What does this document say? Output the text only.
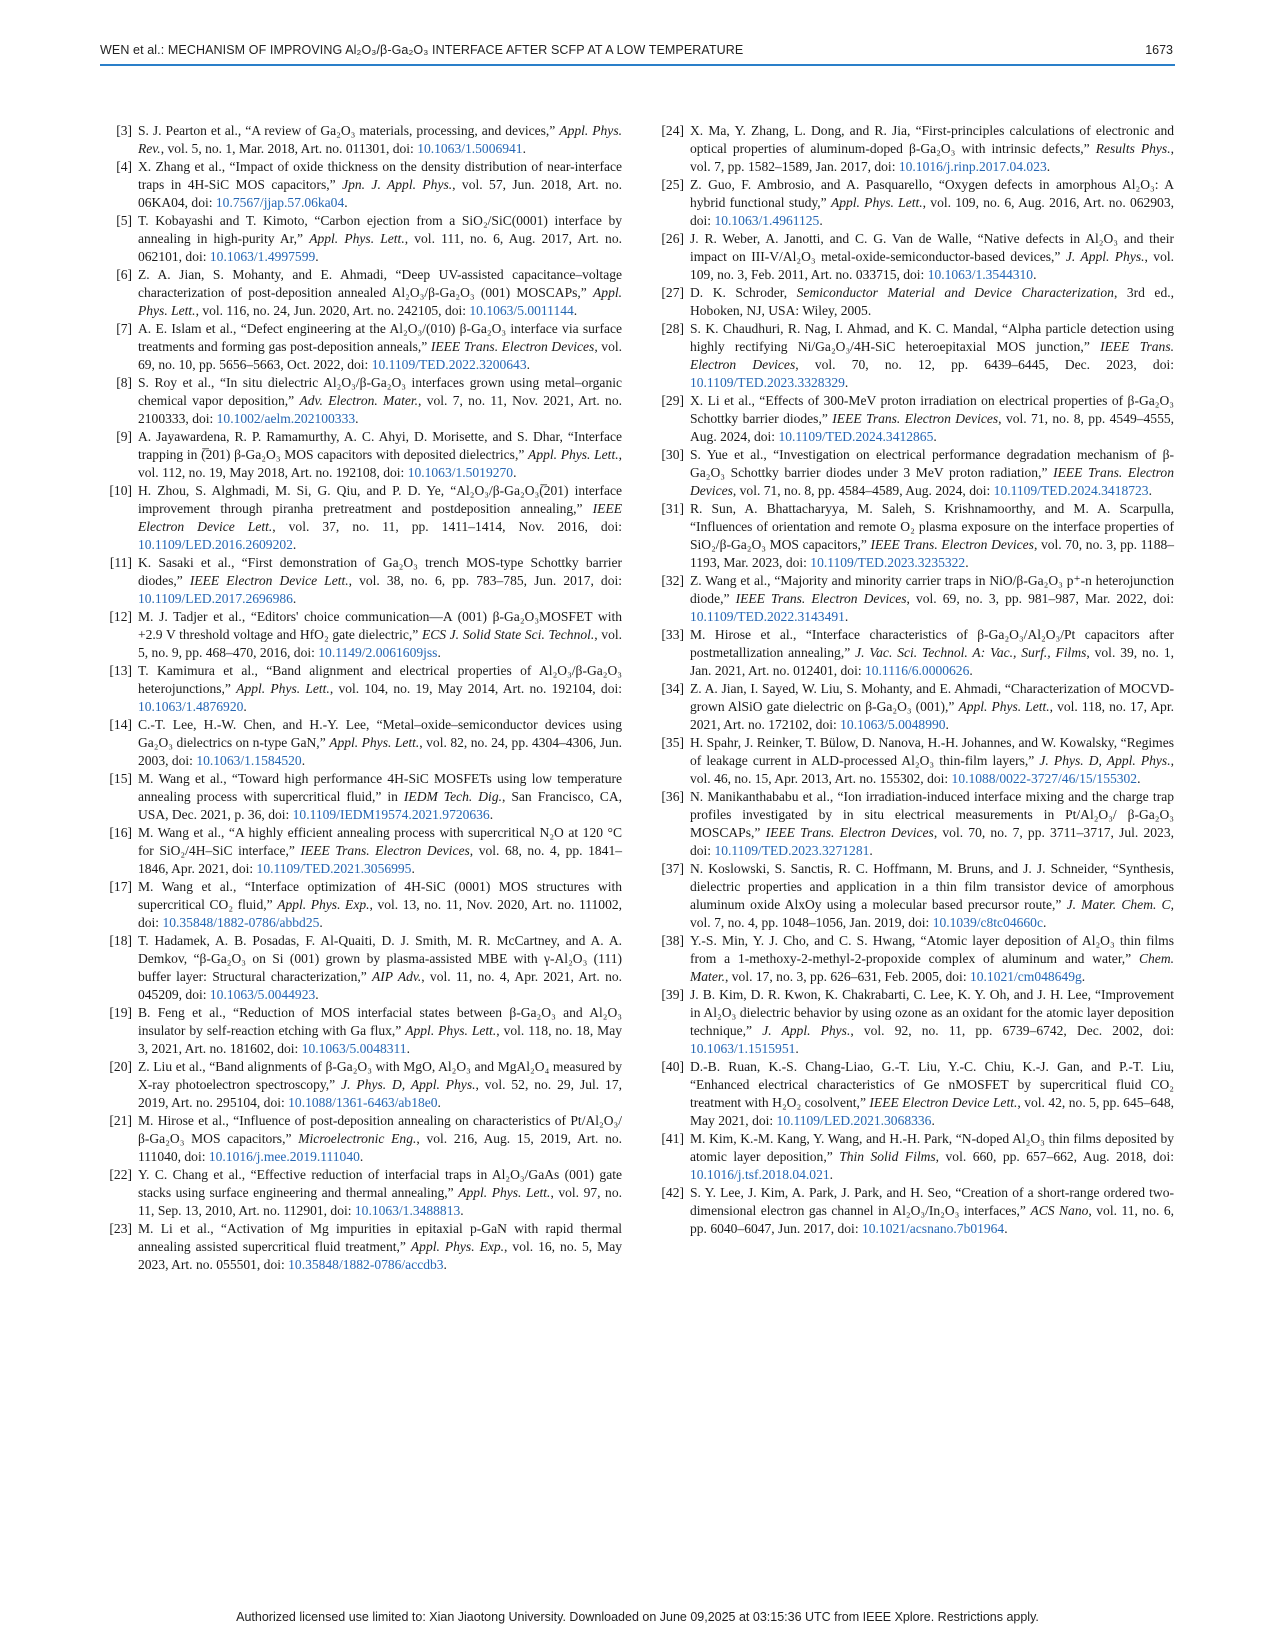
WEN et al.: MECHANISM OF IMPROVING Al₂O₃/β-Ga₂O₃ INTERFACE AFTER SCFP AT A LOW TEMPERATURE	1673
[3] S. J. Pearton et al., “A review of Ga₂O₃ materials, processing, and devices,” Appl. Phys. Rev., vol. 5, no. 1, Mar. 2018, Art. no. 011301, doi: 10.1063/1.5006941.
[4] X. Zhang et al., “Impact of oxide thickness on the density distribution of near-interface traps in 4H-SiC MOS capacitors,” Jpn. J. Appl. Phys., vol. 57, Jun. 2018, Art. no. 06KA04, doi: 10.7567/jjap.57.06ka04.
[5] T. Kobayashi and T. Kimoto, “Carbon ejection from a SiO₂/SiC(0001) interface by annealing in high-purity Ar,” Appl. Phys. Lett., vol. 111, no. 6, Aug. 2017, Art. no. 062101, doi: 10.1063/1.4997599.
[6] Z. A. Jian, S. Mohanty, and E. Ahmadi, “Deep UV-assisted capacitance–voltage characterization of post-deposition annealed Al₂O₃/β-Ga₂O₃ (001) MOSCAPs,” Appl. Phys. Lett., vol. 116, no. 24, Jun. 2020, Art. no. 242105, doi: 10.1063/5.0011144.
[7] A. E. Islam et al., “Defect engineering at the Al₂O₃/(010) β-Ga₂O₃ interface via surface treatments and forming gas post-deposition anneals,” IEEE Trans. Electron Devices, vol. 69, no. 10, pp. 5656–5663, Oct. 2022, doi: 10.1109/TED.2022.3200643.
[8] S. Roy et al., “In situ dielectric Al₂O₃/β-Ga₂O₃ interfaces grown using metal–organic chemical vapor deposition,” Adv. Electron. Mater., vol. 7, no. 11, Nov. 2021, Art. no. 2100333, doi: 10.1002/aelm.202100333.
[9] A. Jayawardena, R. P. Ramamurthy, A. C. Ahyi, D. Morisette, and S. Dhar, “Interface trapping in (̅201) β-Ga₂O₃ MOS capacitors with deposited dielectrics,” Appl. Phys. Lett., vol. 112, no. 19, May 2018, Art. no. 192108, doi: 10.1063/1.5019270.
[10] H. Zhou, S. Alghmadi, M. Si, G. Qiu, and P. D. Ye, “Al₂O₃/β-Ga₂O₃(̅201) interface improvement through piranha pretreatment and postdeposition annealing,” IEEE Electron Device Lett., vol. 37, no. 11, pp. 1411–1414, Nov. 2016, doi: 10.1109/LED.2016.2609202.
[11] K. Sasaki et al., “First demonstration of Ga₂O₃ trench MOS-type Schottky barrier diodes,” IEEE Electron Device Lett., vol. 38, no. 6, pp. 783–785, Jun. 2017, doi: 10.1109/LED.2017.2696986.
[12] M. J. Tadjer et al., “Editors' choice communication—A (001) β-Ga₂O₃MOSFET with +2.9 V threshold voltage and HfO₂ gate dielectric,” ECS J. Solid State Sci. Technol., vol. 5, no. 9, pp. 468–470, 2016, doi: 10.1149/2.0061609jss.
[13] T. Kamimura et al., “Band alignment and electrical properties of Al₂O₃/β-Ga₂O₃ heterojunctions,” Appl. Phys. Lett., vol. 104, no. 19, May 2014, Art. no. 192104, doi: 10.1063/1.4876920.
[14] C.-T. Lee, H.-W. Chen, and H.-Y. Lee, “Metal–oxide–semiconductor devices using Ga₂O₃ dielectrics on n-type GaN,” Appl. Phys. Lett., vol. 82, no. 24, pp. 4304–4306, Jun. 2003, doi: 10.1063/1.1584520.
[15] M. Wang et al., “Toward high performance 4H-SiC MOSFETs using low temperature annealing process with supercritical fluid,” in IEDM Tech. Dig., San Francisco, CA, USA, Dec. 2021, p. 36, doi: 10.1109/IEDM19574.2021.9720636.
[16] M. Wang et al., “A highly efficient annealing process with supercritical N₂O at 120 °C for SiO₂/4H–SiC interface,” IEEE Trans. Electron Devices, vol. 68, no. 4, pp. 1841–1846, Apr. 2021, doi: 10.1109/TED.2021.3056995.
[17] M. Wang et al., “Interface optimization of 4H-SiC (0001) MOS structures with supercritical CO₂ fluid,” Appl. Phys. Exp., vol. 13, no. 11, Nov. 2020, Art. no. 111002, doi: 10.35848/1882-0786/abbd25.
[18] T. Hadamek, A. B. Posadas, F. Al-Quaiti, D. J. Smith, M. R. McCartney, and A. A. Demkov, “β-Ga₂O₃ on Si (001) grown by plasma-assisted MBE with γ-Al₂O₃ (111) buffer layer: Structural characterization,” AIP Adv., vol. 11, no. 4, Apr. 2021, Art. no. 045209, doi: 10.1063/5.0044923.
[19] B. Feng et al., “Reduction of MOS interfacial states between β-Ga₂O₃ and Al₂O₃ insulator by self-reaction etching with Ga flux,” Appl. Phys. Lett., vol. 118, no. 18, May 3, 2021, Art. no. 181602, doi: 10.1063/5.0048311.
[20] Z. Liu et al., “Band alignments of β-Ga₂O₃ with MgO, Al₂O₃ and MgAl₂O₄ measured by X-ray photoelectron spectroscopy,” J. Phys. D, Appl. Phys., vol. 52, no. 29, Jul. 17, 2019, Art. no. 295104, doi: 10.1088/1361-6463/ab18e0.
[21] M. Hirose et al., “Influence of post-deposition annealing on characteristics of Pt/Al₂O₃/β-Ga₂O₃ MOS capacitors,” Microelectronic Eng., vol. 216, Aug. 15, 2019, Art. no. 111040, doi: 10.1016/j.mee.2019.111040.
[22] Y. C. Chang et al., “Effective reduction of interfacial traps in Al₂O₃/GaAs (001) gate stacks using surface engineering and thermal annealing,” Appl. Phys. Lett., vol. 97, no. 11, Sep. 13, 2010, Art. no. 112901, doi: 10.1063/1.3488813.
[23] M. Li et al., “Activation of Mg impurities in epitaxial p-GaN with rapid thermal annealing assisted supercritical fluid treatment,” Appl. Phys. Exp., vol. 16, no. 5, May 2023, Art. no. 055501, doi: 10.35848/1882-0786/accdb3.
[24] X. Ma, Y. Zhang, L. Dong, and R. Jia, “First-principles calculations of electronic and optical properties of aluminum-doped β-Ga₂O₃ with intrinsic defects,” Results Phys., vol. 7, pp. 1582–1589, Jan. 2017, doi: 10.1016/j.rinp.2017.04.023.
[25] Z. Guo, F. Ambrosio, and A. Pasquarello, “Oxygen defects in amorphous Al₂O₃: A hybrid functional study,” Appl. Phys. Lett., vol. 109, no. 6, Aug. 2016, Art. no. 062903, doi: 10.1063/1.4961125.
[26] J. R. Weber, A. Janotti, and C. G. Van de Walle, “Native defects in Al₂O₃ and their impact on III-V/Al₂O₃ metal-oxide-semiconductor-based devices,” J. Appl. Phys., vol. 109, no. 3, Feb. 2011, Art. no. 033715, doi: 10.1063/1.3544310.
[27] D. K. Schroder, Semiconductor Material and Device Characterization, 3rd ed., Hoboken, NJ, USA: Wiley, 2005.
[28] S. K. Chaudhuri, R. Nag, I. Ahmad, and K. C. Mandal, “Alpha particle detection using highly rectifying Ni/Ga₂O₃/4H-SiC heteroepitaxial MOS junction,” IEEE Trans. Electron Devices, vol. 70, no. 12, pp. 6439–6445, Dec. 2023, doi: 10.1109/TED.2023.3328329.
[29] X. Li et al., “Effects of 300-MeV proton irradiation on electrical properties of β-Ga₂O₃ Schottky barrier diodes,” IEEE Trans. Electron Devices, vol. 71, no. 8, pp. 4549–4555, Aug. 2024, doi: 10.1109/TED.2024.3412865.
[30] S. Yue et al., “Investigation on electrical performance degradation mechanism of β-Ga₂O₃ Schottky barrier diodes under 3 MeV proton radiation,” IEEE Trans. Electron Devices, vol. 71, no. 8, pp. 4584–4589, Aug. 2024, doi: 10.1109/TED.2024.3418723.
[31] R. Sun, A. Bhattacharyya, M. Saleh, S. Krishnamoorthy, and M. A. Scarpulla, “Influences of orientation and remote O₂ plasma exposure on the interface properties of SiO₂/β-Ga₂O₃ MOS capacitors,” IEEE Trans. Electron Devices, vol. 70, no. 3, pp. 1188–1193, Mar. 2023, doi: 10.1109/TED.2023.3235322.
[32] Z. Wang et al., “Majority and minority carrier traps in NiO/β-Ga₂O₃ p⁺-n heterojunction diode,” IEEE Trans. Electron Devices, vol. 69, no. 3, pp. 981–987, Mar. 2022, doi: 10.1109/TED.2022.3143491.
[33] M. Hirose et al., “Interface characteristics of β-Ga₂O₃/Al₂O₃/Pt capacitors after postmetallization annealing,” J. Vac. Sci. Technol. A: Vac., Surf., Films, vol. 39, no. 1, Jan. 2021, Art. no. 012401, doi: 10.1116/6.0000626.
[34] Z. A. Jian, I. Sayed, W. Liu, S. Mohanty, and E. Ahmadi, “Characterization of MOCVD-grown AlSiO gate dielectric on β-Ga₂O₃ (001),” Appl. Phys. Lett., vol. 118, no. 17, Apr. 2021, Art. no. 172102, doi: 10.1063/5.0048990.
[35] H. Spahr, J. Reinker, T. Bülow, D. Nanova, H.-H. Johannes, and W. Kowalsky, “Regimes of leakage current in ALD-processed Al₂O₃ thin-film layers,” J. Phys. D, Appl. Phys., vol. 46, no. 15, Apr. 2013, Art. no. 155302, doi: 10.1088/0022-3727/46/15/155302.
[36] N. Manikanthababu et al., “Ion irradiation-induced interface mixing and the charge trap profiles investigated by in situ electrical measurements in Pt/Al₂O₃/ β-Ga₂O₃ MOSCAPs,” IEEE Trans. Electron Devices, vol. 70, no. 7, pp. 3711–3717, Jul. 2023, doi: 10.1109/TED.2023.3271281.
[37] N. Koslowski, S. Sanctis, R. C. Hoffmann, M. Bruns, and J. J. Schneider, “Synthesis, dielectric properties and application in a thin film transistor device of amorphous aluminum oxide AlxOy using a molecular based precursor route,” J. Mater. Chem. C, vol. 7, no. 4, pp. 1048–1056, Jan. 2019, doi: 10.1039/c8tc04660c.
[38] Y.-S. Min, Y. J. Cho, and C. S. Hwang, “Atomic layer deposition of Al₂O₃ thin films from a 1-methoxy-2-methyl-2-propoxide complex of aluminum and water,” Chem. Mater., vol. 17, no. 3, pp. 626–631, Feb. 2005, doi: 10.1021/cm048649g.
[39] J. B. Kim, D. R. Kwon, K. Chakrabarti, C. Lee, K. Y. Oh, and J. H. Lee, “Improvement in Al₂O₃ dielectric behavior by using ozone as an oxidant for the atomic layer deposition technique,” J. Appl. Phys., vol. 92, no. 11, pp. 6739–6742, Dec. 2002, doi: 10.1063/1.1515951.
[40] D.-B. Ruan, K.-S. Chang-Liao, G.-T. Liu, Y.-C. Chiu, K.-J. Gan, and P.-T. Liu, “Enhanced electrical characteristics of Ge nMOSFET by supercritical fluid CO₂ treatment with H₂O₂ cosolvent,” IEEE Electron Device Lett., vol. 42, no. 5, pp. 645–648, May 2021, doi: 10.1109/LED.2021.3068336.
[41] M. Kim, K.-M. Kang, Y. Wang, and H.-H. Park, “N-doped Al₂O₃ thin films deposited by atomic layer deposition,” Thin Solid Films, vol. 660, pp. 657–662, Aug. 2018, doi: 10.1016/j.tsf.2018.04.021.
[42] S. Y. Lee, J. Kim, A. Park, J. Park, and H. Seo, “Creation of a short-range ordered two-dimensional electron gas channel in Al₂O₃/In₂O₃ interfaces,” ACS Nano, vol. 11, no. 6, pp. 6040–6047, Jun. 2017, doi: 10.1021/acsnano.7b01964.
Authorized licensed use limited to: Xian Jiaotong University. Downloaded on June 09,2025 at 03:15:36 UTC from IEEE Xplore. Restrictions apply.
